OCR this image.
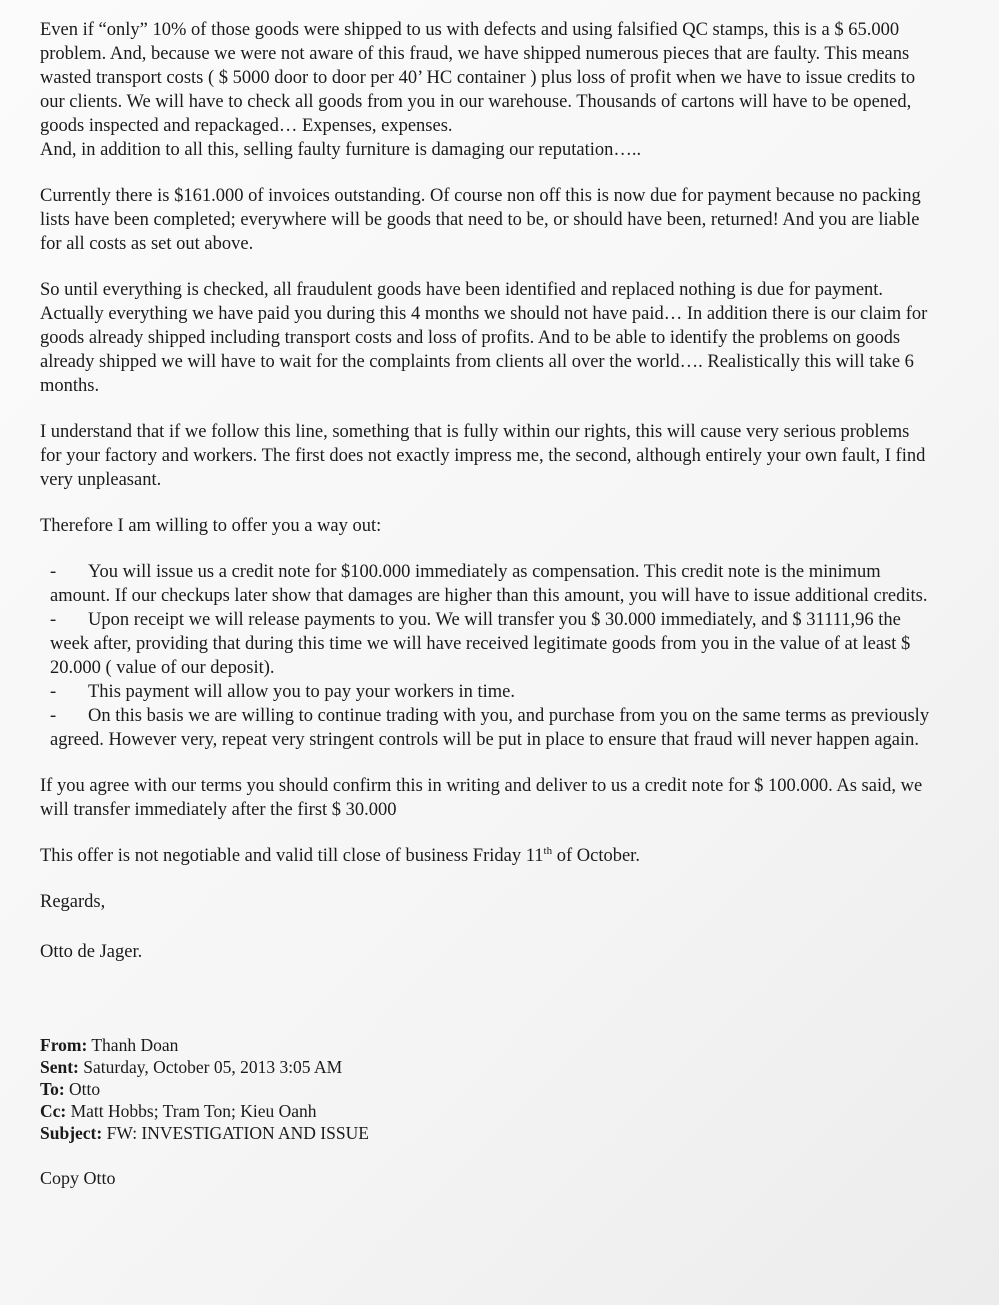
Even if “only” 10% of those goods were shipped to us with defects and using falsified QC stamps, this is a $ 65.000 problem. And, because we were not aware of this fraud, we have shipped numerous pieces that are faulty. This means wasted transport costs ( $ 5000 door to door per 40’ HC container ) plus loss of profit when we have to issue credits to our clients. We will have to check all goods from you in our warehouse. Thousands of cartons will have to be opened, goods inspected and repackaged… Expenses, expenses.

And, in addition to all this, selling faulty furniture is damaging our reputation…..

Currently there is $161.000 of invoices outstanding. Of course non off this is now due for payment because no packing lists have been completed; everywhere will be goods that need to be, or should have been, returned! And you are liable for all costs as set out above.

So until everything is checked, all fraudulent goods have been identified and replaced nothing is due for payment. Actually everything we have paid you during this 4 months we should not have paid… In addition there is our claim for goods already shipped including transport costs and loss of profits. And to be able to identify the problems on goods already shipped we will have to wait for the complaints from clients all over the world…. Realistically this will take 6 months.

I understand that if we follow this line, something that is fully within our rights, this will cause very serious problems for your factory and workers. The first does not exactly impress me, the second, although entirely your own fault, I find very unpleasant.

Therefore I am willing to offer you a way out:

- You will issue us a credit note for $100.000 immediately as compensation. This credit note is the minimum amount. If our checkups later show that damages are higher than this amount, you will have to issue additional credits.
- Upon receipt we will release payments to you. We will transfer you $ 30.000 immediately, and $ 31111,96 the week after, providing that during this time we will have received legitimate goods from you in the value of at least $ 20.000 ( value of our deposit).
- This payment will allow you to pay your workers in time.
- On this basis we are willing to continue trading with you, and purchase from you on the same terms as previously agreed. However very, repeat very stringent controls will be put in place to ensure that fraud will never happen again.

If you agree with our terms you should confirm this in writing and deliver to us a credit note for $ 100.000. As said, we will transfer immediately after the first $ 30.000

This offer is not negotiable and valid till close of business Friday 11th of October.

Regards,

Otto de Jager.

From: Thanh Doan
Sent: Saturday, October 05, 2013 3:05 AM
To: Otto
Cc: Matt Hobbs; Tram Ton; Kieu Oanh
Subject: FW: INVESTIGATION AND ISSUE

Copy Otto
